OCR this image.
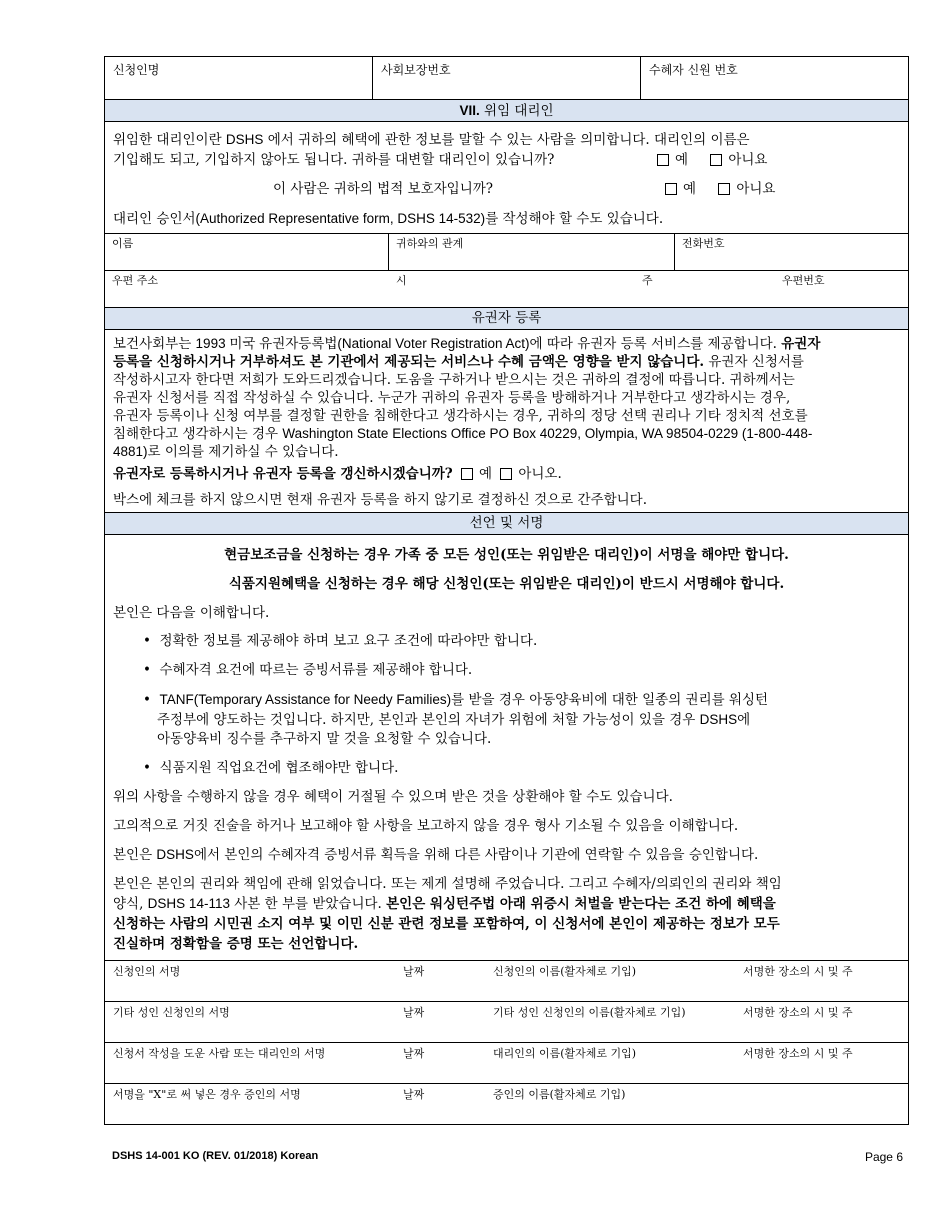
신청인명	사회보장번호	수혜자 신원 번호
VII. 위임 대리인
위임한 대리인이란 DSHS 에서 귀하의 혜택에 관한 정보를 말할 수 있는 사람을 의미합니다. 대리인의 이름은
기입해도 되고, 기입하지 않아도 됩니다. 귀하를 대변할 대리인이 있습니까?	예	아니요
이 사람은 귀하의 법적 보호자입니까?	예	아니요
대리인 승인서(Authorized Representative form, DSHS 14-532)를 작성해야 할 수도 있습니다.
이름	귀하와의 관계	전화번호
우편 주소	시	주	우편번호
유권자 등록
보건사회부는 1993 미국 유권자등록법(National Voter Registration Act)에 따라 유권자 등록 서비스를 제공합니다. 유권자
등록을 신청하시거나 거부하셔도 본 기관에서 제공되는 서비스나 수혜 금액은 영향을 받지 않습니다. 유권자 신청서를
작성하시고자 한다면 저희가 도와드리겠습니다. 도움을 구하거나 받으시는 것은 귀하의 결정에 따릅니다. 귀하께서는
유권자 신청서를 직접 작성하실 수 있습니다. 누군가 귀하의 유권자 등록을 방해하거나 거부한다고 생각하시는 경우,
유권자 등록이나 신청 여부를 결정할 권한을 침해한다고 생각하시는 경우, 귀하의 정당 선택 권리나 기타 정치적 선호를
침해한다고 생각하시는 경우 Washington State Elections Office PO Box 40229, Olympia, WA 98504-0229 (1-800-448-
4881)로 이의를 제기하실 수 있습니다.
유권자로 등록하시거나 유권자 등록을 갱신하시겠습니까? 예 아니오.
박스에 체크를 하지 않으시면 현재 유권자 등록을 하지 않기로 결정하신 것으로 간주합니다.
선언 및 서명
현금보조금을 신청하는 경우 가족 중 모든 성인(또는 위임받은 대리인)이 서명을 해야만 합니다.
식품지원혜택을 신청하는 경우 해당 신청인(또는 위임받은 대리인)이 반드시 서명해야 합니다.
본인은 다음을 이해합니다.

•  정확한 정보를 제공해야 하며 보고 요구 조건에 따라야만 합니다.

•  수혜자격 요건에 따르는 증빙서류를 제공해야 합니다.

•  TANF(Temporary Assistance for Needy Families)를 받을 경우 아동양육비에 대한 일종의 권리를 워싱턴
주정부에 양도하는 것입니다. 하지만, 본인과 본인의 자녀가 위험에 처할 가능성이 있을 경우 DSHS에
아동양육비 징수를 추구하지 말 것을 요청할 수 있습니다.

•  식품지원 직업요건에 협조해야만 합니다.

위의 사항을 수행하지 않을 경우 혜택이 거절될 수 있으며 받은 것을 상환해야 할 수도 있습니다.
고의적으로 거짓 진술을 하거나 보고해야 할 사항을 보고하지 않을 경우 형사 기소될 수 있음을 이해합니다.
본인은 DSHS에서 본인의 수혜자격 증빙서류 획득을 위해 다른 사람이나 기관에 연락할 수 있음을 승인합니다.
본인은 본인의 권리와 책임에 관해 읽었습니다. 또는 제게 설명해 주었습니다. 그리고 수혜자/의뢰인의 권리와 책임
양식, DSHS 14-113 사본 한 부를 받았습니다. 본인은 워싱턴주법 아래 위증시 처벌을 받는다는 조건 하에 혜택을
신청하는 사람의 시민권 소지 여부 및 이민 신분 관련 정보를 포함하여, 이 신청서에 본인이 제공하는 정보가 모두
진실하며 정확함을 증명 또는 선언합니다.
신청인의 서명	날짜	신청인의 이름(활자체로 기입)	서명한 장소의 시 및 주
기타 성인 신청인의 서명	날짜	기타 성인 신청인의 이름(활자체로 기입)	서명한 장소의 시 및 주
신청서 작성을 도운 사람 또는 대리인의 서명	날짜	대리인의 이름(활자체로 기입)	서명한 장소의 시 및 주
서명을 "X"로 써 넣은 경우 증인의 서명	날짜	증인의 이름(활자체로 기입)
DSHS 14-001 KO (REV. 01/2018) Korean	Page 6
